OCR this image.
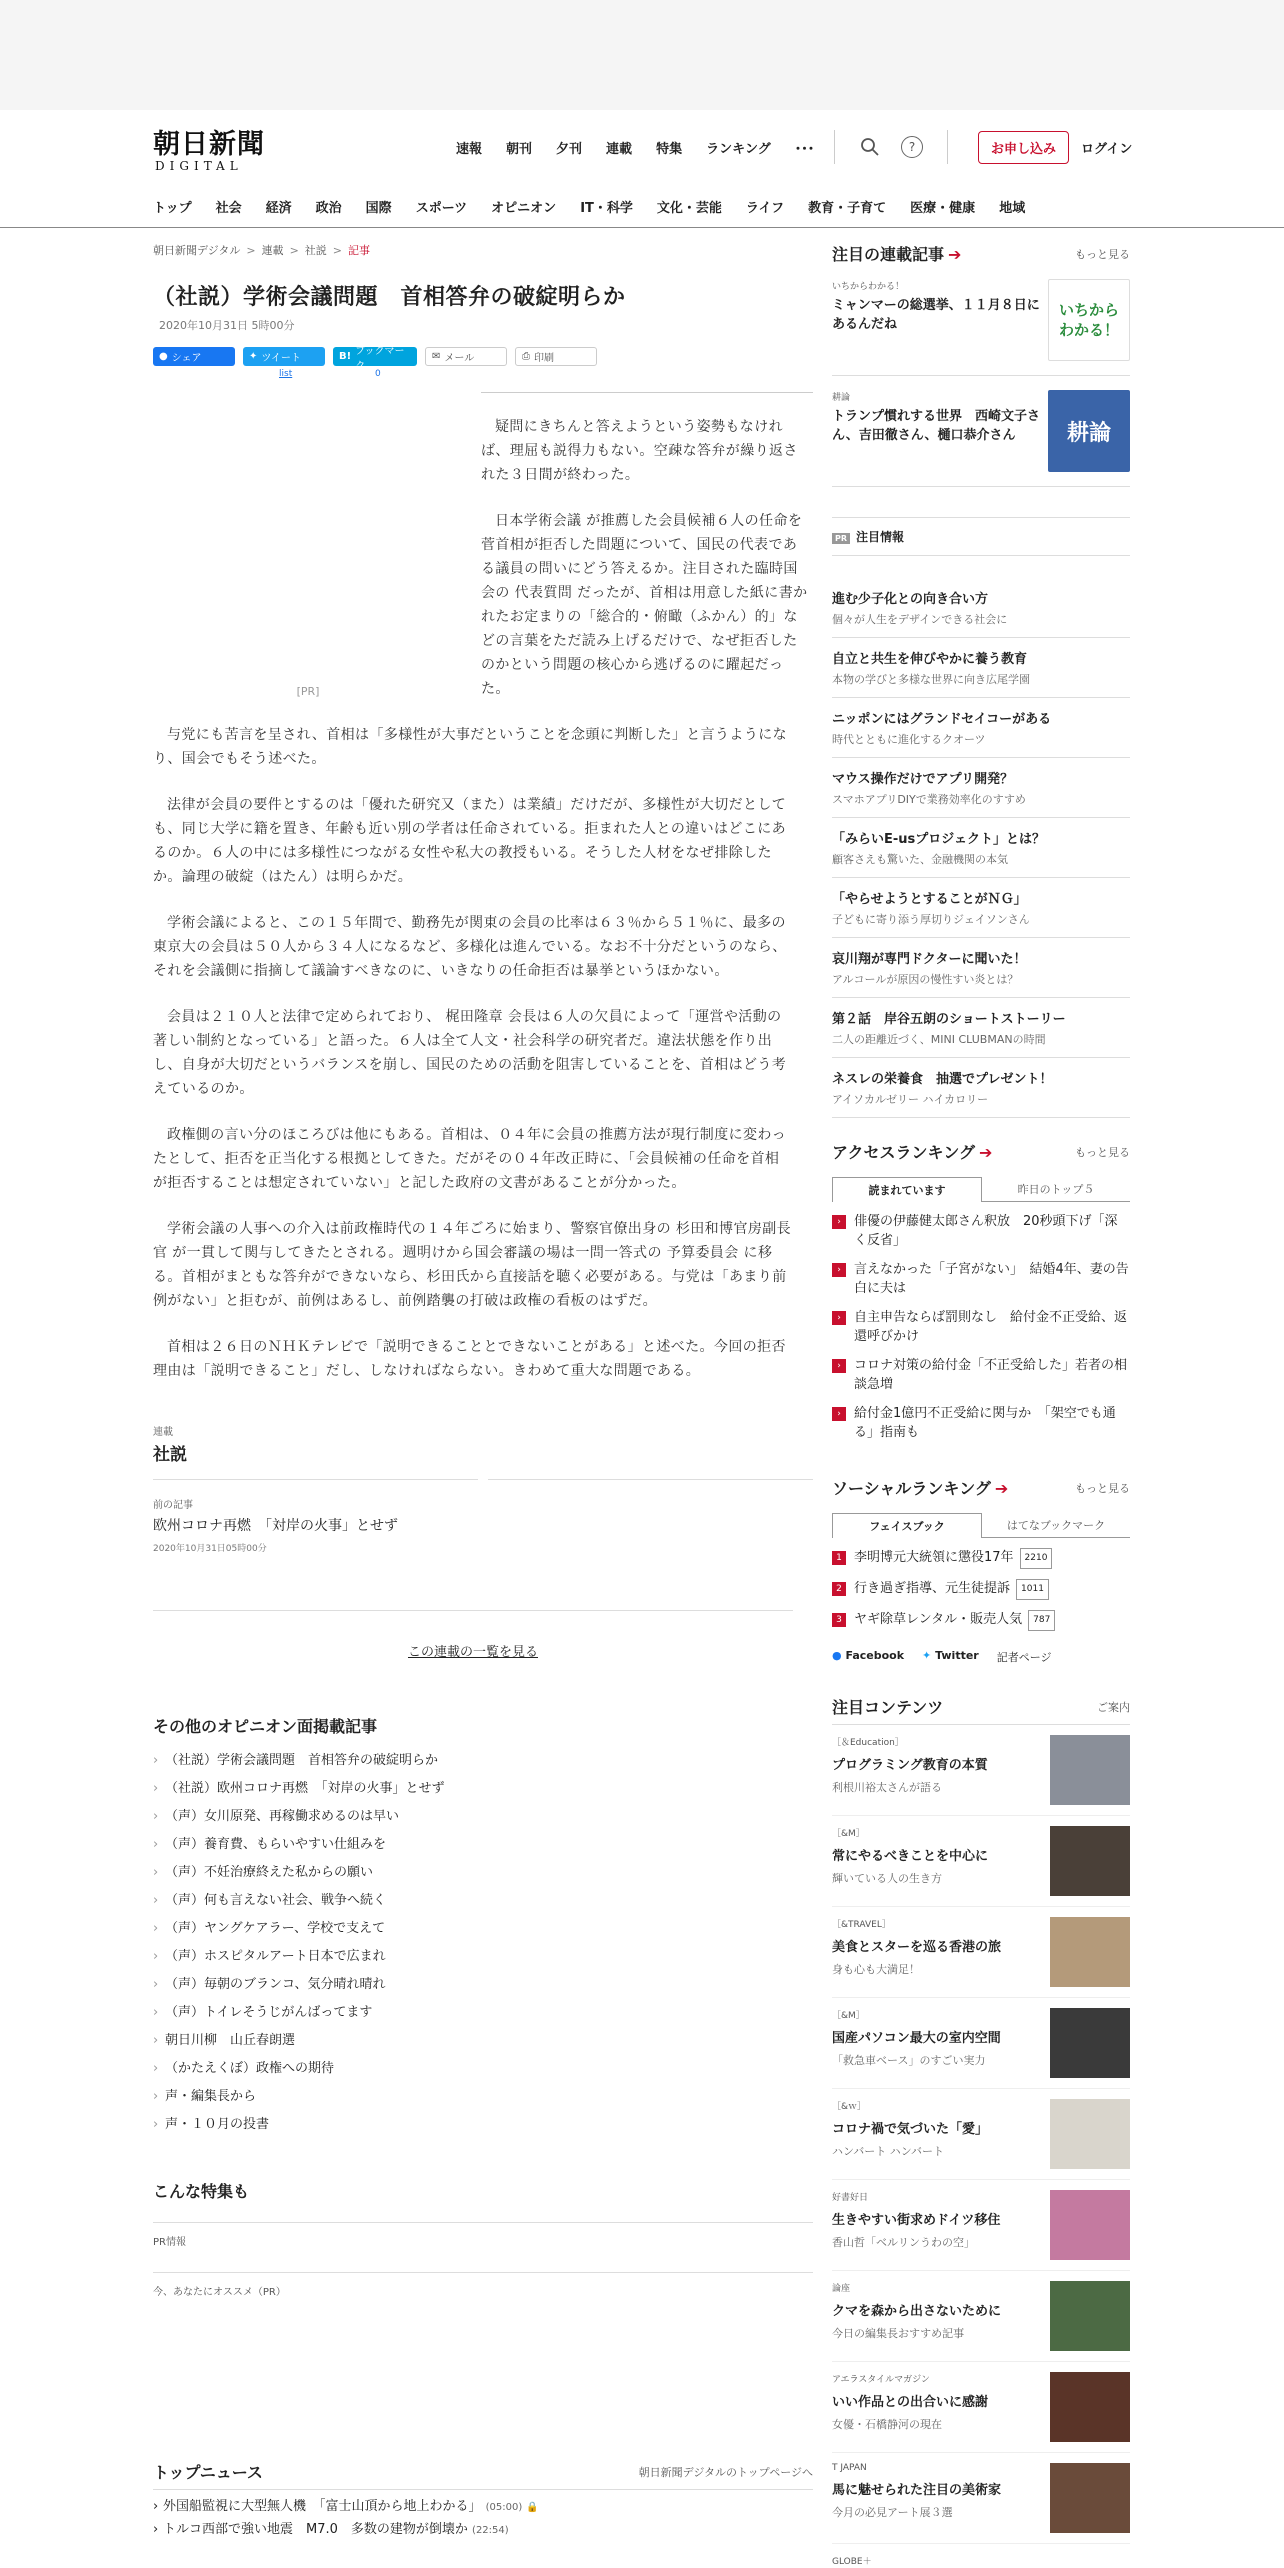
朝日新聞
DIGITAL
速報 朝刊 夕刊 連載 特集 ランキング ･･･	?	お申し込み	ログイン
トップ 社会 経済 政治 国際 スポーツ オピニオン IT・科学 文化・芸能 ライフ 教育・子育て 医療・健康 地域
朝日新聞デジタル > 連載 > 社説 > 記事
（社説）学術会議問題　首相答弁の破綻明らか
2020年10月31日 5時00分
● シェア	✦ ツイート	B! ブックマーク
✉ メール	⎙ 印刷
list	0
[PR]

疑問にきちんと答えようという姿勢もなければ、理屈も説得力もない。空疎な答弁が繰り返された３日間が終わった。

日本学術会議 が推薦した会員候補６人の任命を菅首相が拒否した問題について、国民の代表である議員の問いにどう答えるか。注目された臨時国会の 代表質問 だったが、首相は用意した紙に書かれたお定まりの「総合的・俯瞰（ふかん）的」などの言葉をただ読み上げるだけで、なぜ拒否したのかという問題の核心から逃げるのに躍起だった。

与党にも苦言を呈され、首相は「多様性が大事だということを念頭に判断した」と言うようになり、国会でもそう述べた。

法律が会員の要件とするのは「優れた研究又（また）は業績」だけだが、多様性が大切だとしても、同じ大学に籍を置き、年齢も近い別の学者は任命されている。拒まれた人との違いはどこにあるのか。６人の中には多様性につながる女性や私大の教授もいる。そうした人材をなぜ排除したか。論理の破綻（はたん）は明らかだ。

学術会議によると、この１５年間で、勤務先が関東の会員の比率は６３％から５１％に、最多の東京大の会員は５０人から３４人になるなど、多様化は進んでいる。なお不十分だというのなら、それを会議側に指摘して議論すべきなのに、いきなりの任命拒否は暴挙というほかない。

会員は２１０人と法律で定められており、 梶田隆章 会長は６人の欠員によって「運営や活動の著しい制約となっている」と語った。６人は全て人文・社会科学の研究者だ。違法状態を作り出し、自身が大切だというバランスを崩し、国民のための活動を阻害していることを、首相はどう考えているのか。

政権側の言い分のほころびは他にもある。首相は、０４年に会員の推薦方法が現行制度に変わったとして、拒否を正当化する根拠としてきた。だがその０４年改正時に、「会員候補の任命を首相が拒否することは想定されていない」と記した政府の文書があることが分かった。

学術会議の人事への介入は前政権時代の１４年ごろに始まり、警察官僚出身の 杉田和博官房副長官 が一貫して関与してきたとされる。週明けから国会審議の場は一問一答式の 予算委員会 に移る。首相がまともな答弁ができないなら、杉田氏から直接話を聴く必要がある。与党は「あまり前例がない」と拒むが、前例はあるし、前例踏襲の打破は政権の看板のはずだ。

首相は２６日のＮＨＫテレビで「説明できることとできないことがある」と述べた。今回の拒否理由は「説明できること」だし、しなければならない。きわめて重大な問題である。

連載
社説
前の記事
欧州コロナ再燃　「対岸の火事」とせず
2020年10月31日05時00分
この連載の一覧を見る
その他のオピニオン面掲載記事
› （社説）学術会議問題　首相答弁の破綻明らか
› （社説）欧州コロナ再燃　「対岸の火事」とせず
› （声）女川原発、再稼働求めるのは早い
› （声）養育費、もらいやすい仕組みを
› （声）不妊治療終えた私からの願い
› （声）何も言えない社会、戦争へ続く
› （声）ヤングケアラー、学校で支えて
› （声）ホスピタルアート日本で広まれ
› （声）毎朝のブランコ、気分晴れ晴れ
› （声）トイレそうじがんばってます
› 朝日川柳　山丘春朗選
› （かたえくぼ）政権への期待
› 声・編集長から
› 声・１０月の投書
こんな特集も
PR情報
今、あなたにオススメ（PR）
トップニュース	朝日新聞デジタルのトップページへ
› 外国船監視に大型無人機　「富士山頂から地上わかる」 (05:00) 🔒
› トルコ西部で強い地震　M7.0　多数の建物が倒壊か (22:54)
注目の連載記事 ➔	もっと見る
いちからわかる！
ミャンマーの総選挙、１１月８日にあるんだね
いちから わかる！
耕論
トランプ慣れする世界　西崎文子さん、吉田徹さん、樋口恭介さん	耕論
PR 注目情報
進む少子化との向き合い方
個々が人生をデザインできる社会に
自立と共生を伸びやかに養う教育
本物の学びと多様な世界に向き広尾学園
ニッポンにはグランドセイコーがある
時代とともに進化するクオーツ
マウス操作だけでアプリ開発？
スマホアプリDIYで業務効率化のすすめ
「みらいE-usプロジェクト」とは？
顧客さえも驚いた、金融機関の本気
「やらせようとすることがＮＧ」
子どもに寄り添う厚切りジェイソンさん
哀川翔が専門ドクターに聞いた！
アルコールが原因の慢性すい炎とは？
第２話　岸谷五朗のショートストーリー
二人の距離近づく、MINI CLUBMANの時間
ネスレの栄養食　抽選でプレゼント！
アイソカルゼリー ハイカロリー
アクセスランキング ➔	もっと見る
読まれています	昨日のトップ５
›	俳優の伊藤健太郎さん釈放　20秒頭下げ「深く反省」
›	言えなかった「子宮がない」　結婚4年、妻の告白に夫は
›	自主申告ならば罰則なし　給付金不正受給、返還呼びかけ
›	コロナ対策の給付金「不正受給した」若者の相談急増
›	給付金1億円不正受給に関与か　「架空でも通る」指南も
ソーシャルランキング ➔	もっと見る
フェイスブック	はてなブックマーク
1 李明博元大統領に懲役17年	2210
2 行き過ぎ指導、元生徒提訴	1011
3 ヤギ除草レンタル・販売人気	787
● Facebook ✦ Twitter 記者ページ
注目コンテンツ	ご案内
［＆Education］
プログラミング教育の本質
利根川裕太さんが語る
［&M］
常にやるべきことを中心に
輝いている人の生き方
［&TRAVEL］
美食とスターを巡る香港の旅
身も心も大満足！
［&M］
国産パソコン最大の室内空間
「救急車ベース」のすごい実力
［&ｗ］
コロナ禍で気づいた「愛」
ハンバート ハンバート
好書好日
生きやすい街求めドイツ移住
香山哲「ベルリンうわの空」
論座
クマを森から出さないために
今日の編集長おすすめ記事
アエラスタイルマガジン
いい作品との出合いに感謝
女優・石橋静河の現在
T JAPAN
馬に魅せられた注目の美術家
今月の必見アート展３選
GLOBE＋
